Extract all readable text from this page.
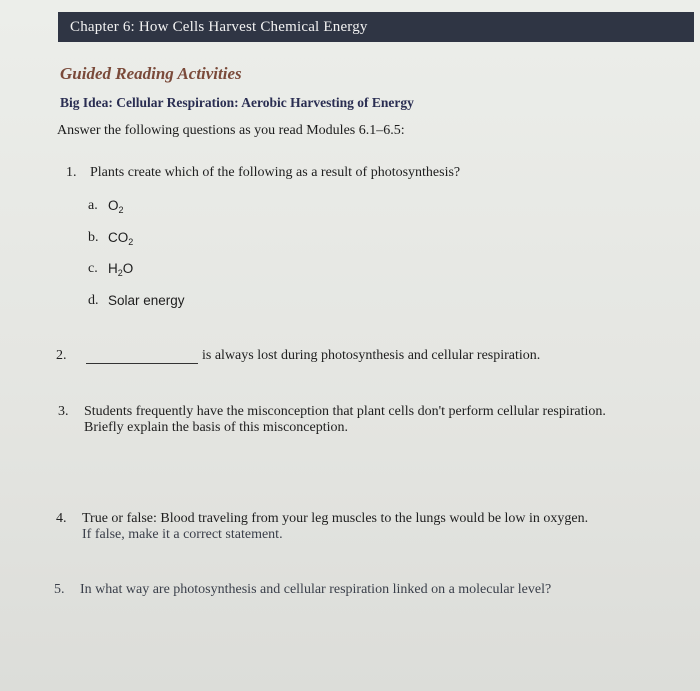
Chapter 6: How Cells Harvest Chemical Energy
Guided Reading Activities
Big Idea: Cellular Respiration: Aerobic Harvesting of Energy
Answer the following questions as you read Modules 6.1–6.5:
1. Plants create which of the following as a result of photosynthesis?
a. $O_2$
b. $CO_2$
c. $H_2O$
d. Solar energy
2.	is always lost during photosynthesis and cellular respiration.
3. Students frequently have the misconception that plant cells don't perform cellular respiration.
Briefly explain the basis of this misconception.
4. True or false: Blood traveling from your leg muscles to the lungs would be low in oxygen.
If false, make it a correct statement.
5. In what way are photosynthesis and cellular respiration linked on a molecular level?
